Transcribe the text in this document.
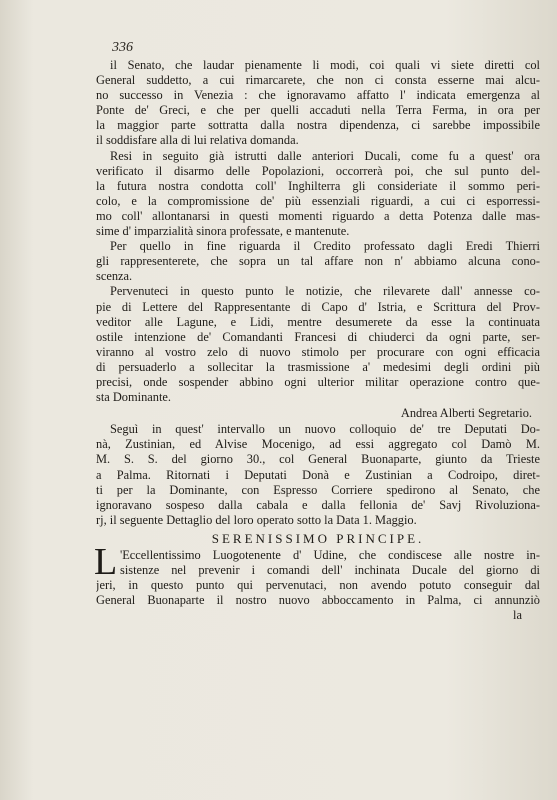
336
il Senato, che laudar pienamente li modi, coi quali vi siete diretti col
General suddetto, a cui rimarcarete, che non ci consta esserne mai alcu-
no successo in Venezia : che ignoravamo affatto l' indicata emergenza al
Ponte de' Greci, e che per quelli accaduti nella Terra Ferma, in ora per
la maggior parte sottratta dalla nostra dipendenza, ci sarebbe impossibile
il soddisfare alla di lui relativa domanda.
Resi in seguito già istrutti dalle anteriori Ducali, come fu a quest' ora
verificato il disarmo delle Popolazioni, occorrerà poi, che sul punto del-
la futura nostra condotta coll' Inghilterra gli consideriate il sommo peri-
colo, e la compromissione de' più essenziali riguardi, a cui ci esporressi-
mo coll' allontanarsi in questi momenti riguardo a detta Potenza dalle mas-
sime d' imparzialità sinora professate, e mantenute.
Per quello in fine riguarda il Credito professato dagli Eredi Thierri
gli rappresenterete, che sopra un tal affare non n' abbiamo alcuna cono-
scenza.
Pervenuteci in questo punto le notizie, che rilevarete dall' annesse co-
pie di Lettere del Rappresentante di Capo d' Istria, e Scrittura del Prov-
veditor alle Lagune, e Lidi, mentre desumerete da esse la continuata
ostile intenzione de' Comandanti Francesi di chiuderci da ogni parte, ser-
viranno al vostro zelo di nuovo stimolo per procurare con ogni efficacia
di persuaderlo a sollecitar la trasmissione a' medesimi degli ordini più
precisi, onde sospender abbino ogni ulterior militar operazione contro que-
sta Dominante.
Andrea Alberti Segretario.
Seguì in quest' intervallo un nuovo colloquio de' tre Deputati Do-
nà, Zustinian, ed Alvise Mocenigo, ad essi aggregato col Damò M.
M. S. S. del giorno 30., col General Buonaparte, giunto da Trieste
a Palma. Ritornati i Deputati Donà e Zustinian a Codroipo, diret-
ti per la Dominante, con Espresso Corriere spedirono al Senato, che
ignoravano sospeso dalla cabala e dalla fellonia de' Savj Rivoluziona-
rj, il seguente Dettaglio del loro operato sotto la Data 1. Maggio.
SERENISSIMO PRINCIPE.
L 'Eccellentissimo Luogotenente d' Udine, che condiscese alle nostre in-
sistenze nel prevenir i comandi dell' inchinata Ducale del giorno di
jeri, in questo punto qui pervenutaci, non avendo potuto conseguir dal
General Buonaparte il nostro nuovo abboccamento in Palma, ci annunziò
la
